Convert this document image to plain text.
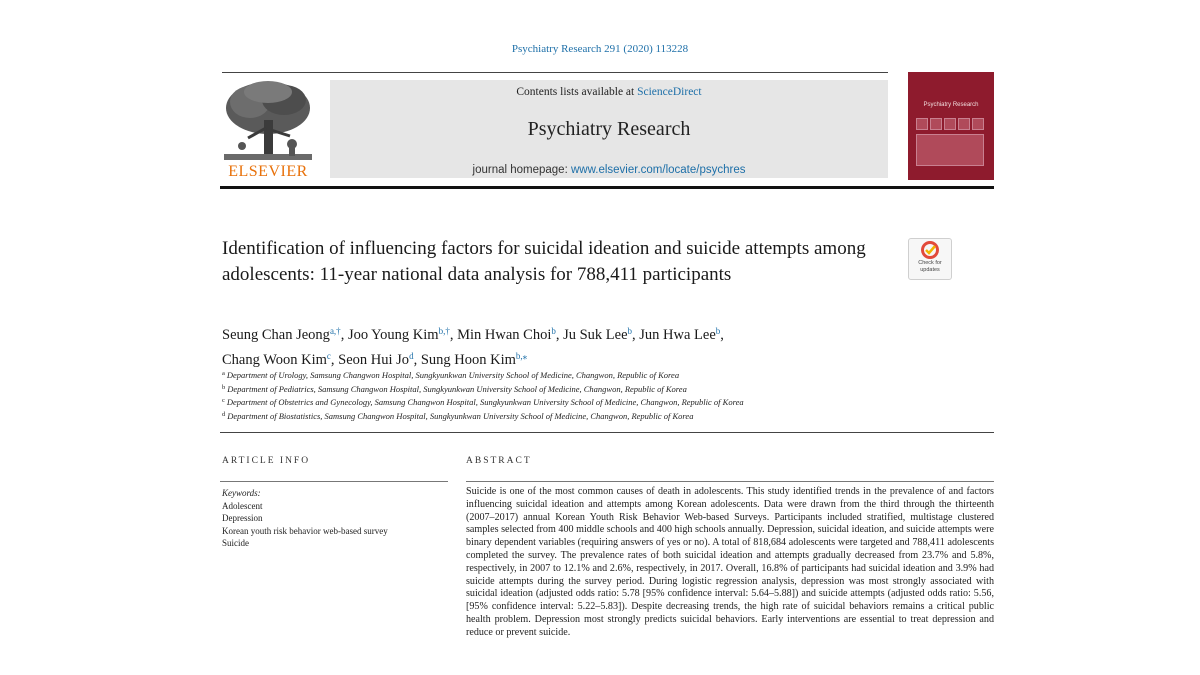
Psychiatry Research 291 (2020) 113228
ELSEVIER
Contents lists available at ScienceDirect
Psychiatry Research
journal homepage: www.elsevier.com/locate/psychres
Psychiatry Research
Identification of influencing factors for suicidal ideation and suicide attempts among adolescents: 11-year national data analysis for 788,411 participants
Check for updates
Seung Chan Jeong$^{a,\dagger}$, Joo Young Kim$^{b,\dagger}$, Min Hwan Choi$^b$, Ju Suk Lee$^b$, Jun Hwa Lee$^b$,
Chang Woon Kim$^c$, Seon Hui Jo$^d$, Sung Hoon Kim$^{b,⁎}$
$^a$ Department of Urology, Samsung Changwon Hospital, Sungkyunkwan University School of Medicine, Changwon, Republic of Korea
$^b$ Department of Pediatrics, Samsung Changwon Hospital, Sungkyunkwan University School of Medicine, Changwon, Republic of Korea
$^c$ Department of Obstetrics and Gynecology, Samsung Changwon Hospital, Sungkyunkwan University School of Medicine, Changwon, Republic of Korea
$^d$ Department of Biostatistics, Samsung Changwon Hospital, Sungkyunkwan University School of Medicine, Changwon, Republic of Korea
ARTICLE INFO
Keywords:
Adolescent
Depression
Korean youth risk behavior web-based survey
Suicide
ABSTRACT
Suicide is one of the most common causes of death in adolescents. This study identified trends in the prevalence of and factors influencing suicidal ideation and attempts among Korean adolescents. Data were drawn from the third through the thirteenth (2007–2017) annual Korean Youth Risk Behavior Web-based Surveys. Participants included stratified, multistage clustered samples selected from 400 middle schools and 400 high schools annually. Depression, suicidal ideation, and suicide attempts were binary dependent variables (requiring answers of yes or no). A total of 818,684 adolescents were targeted and 788,411 adolescents completed the survey. The prevalence rates of both suicidal ideation and attempts gradually decreased from 23.7% and 5.8%, respectively, in 2007 to 12.1% and 2.6%, respectively, in 2017. Overall, 16.8% of participants had suicidal ideation and 3.9% had suicide attempts during the survey period. During logistic regression analysis, depression was most strongly associated with suicidal ideation (adjusted odds ratio: 5.78 [95% confidence interval: 5.64–5.88]) and suicide attempts (adjusted odds ratio: 5.56, [95% confidence interval: 5.22–5.83]). Despite decreasing trends, the high rate of suicidal behaviors remains a critical public health problem. Depression most strongly predicts suicidal behaviors. Early interventions are essential to treat depression and reduce or prevent suicide.
